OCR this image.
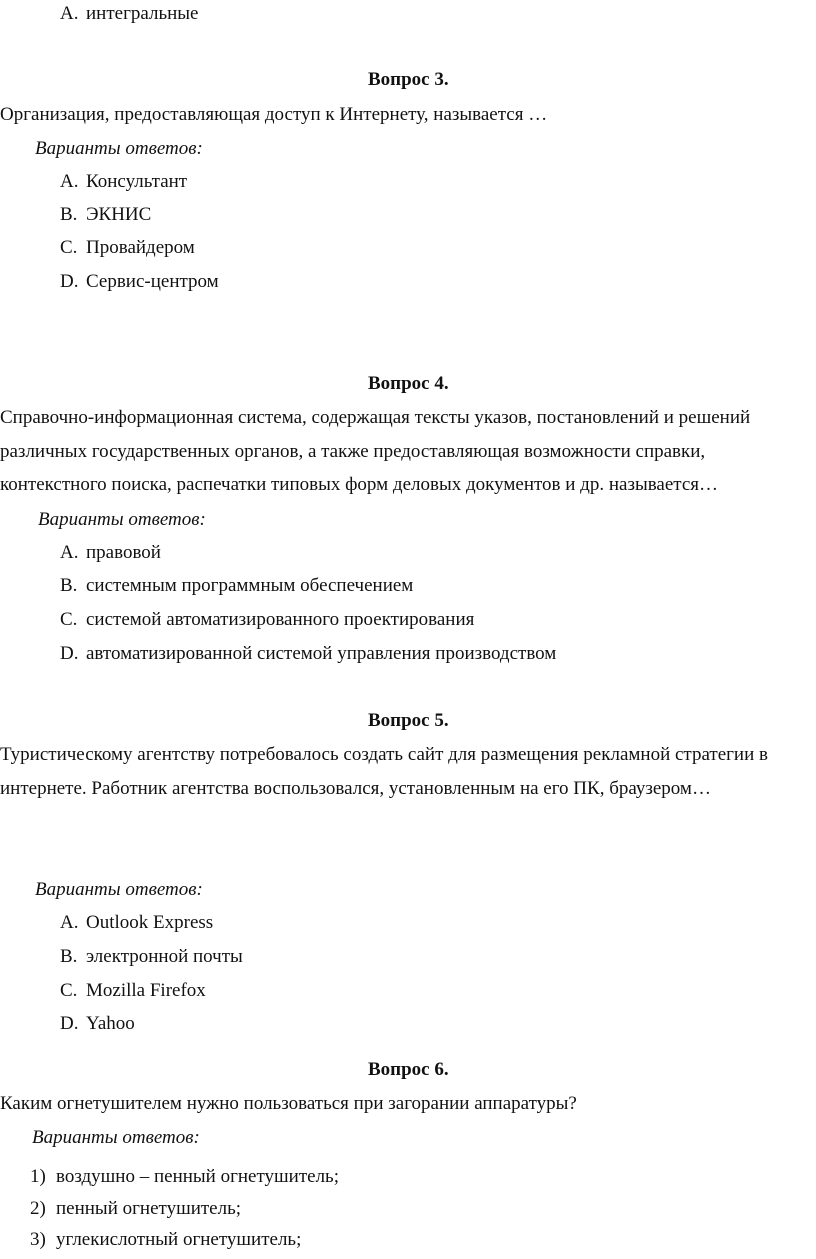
A. интегральные
Вопрос 3.
Организация, предоставляющая доступ к Интернету, называется …
Варианты ответов:
A. Консультант
B. ЭКНИС
C. Провайдером
D. Сервис-центром
Вопрос 4.
Справочно-информационная система, содержащая тексты указов, постановлений и решений
различных государственных органов, а также предоставляющая возможности справки,
контекстного поиска, распечатки типовых форм деловых документов и др. называется…
Варианты ответов:
A. правовой
B. системным программным обеспечением
C. системой автоматизированного проектирования
D. автоматизированной системой управления производством
Вопрос 5.
Туристическому агентству потребовалось создать сайт для размещения рекламной стратегии в
интернете. Работник агентства воспользовался, установленным на его ПК, браузером…
Варианты ответов:
A. Outlook Express
B. электронной почты
C. Mozilla Firefox
D. Yahoo
Вопрос 6.
Каким огнетушителем нужно пользоваться при загорании аппаратуры?
Варианты ответов:
1) воздушно – пенный огнетушитель;
2) пенный огнетушитель;
3) углекислотный огнетушитель;
